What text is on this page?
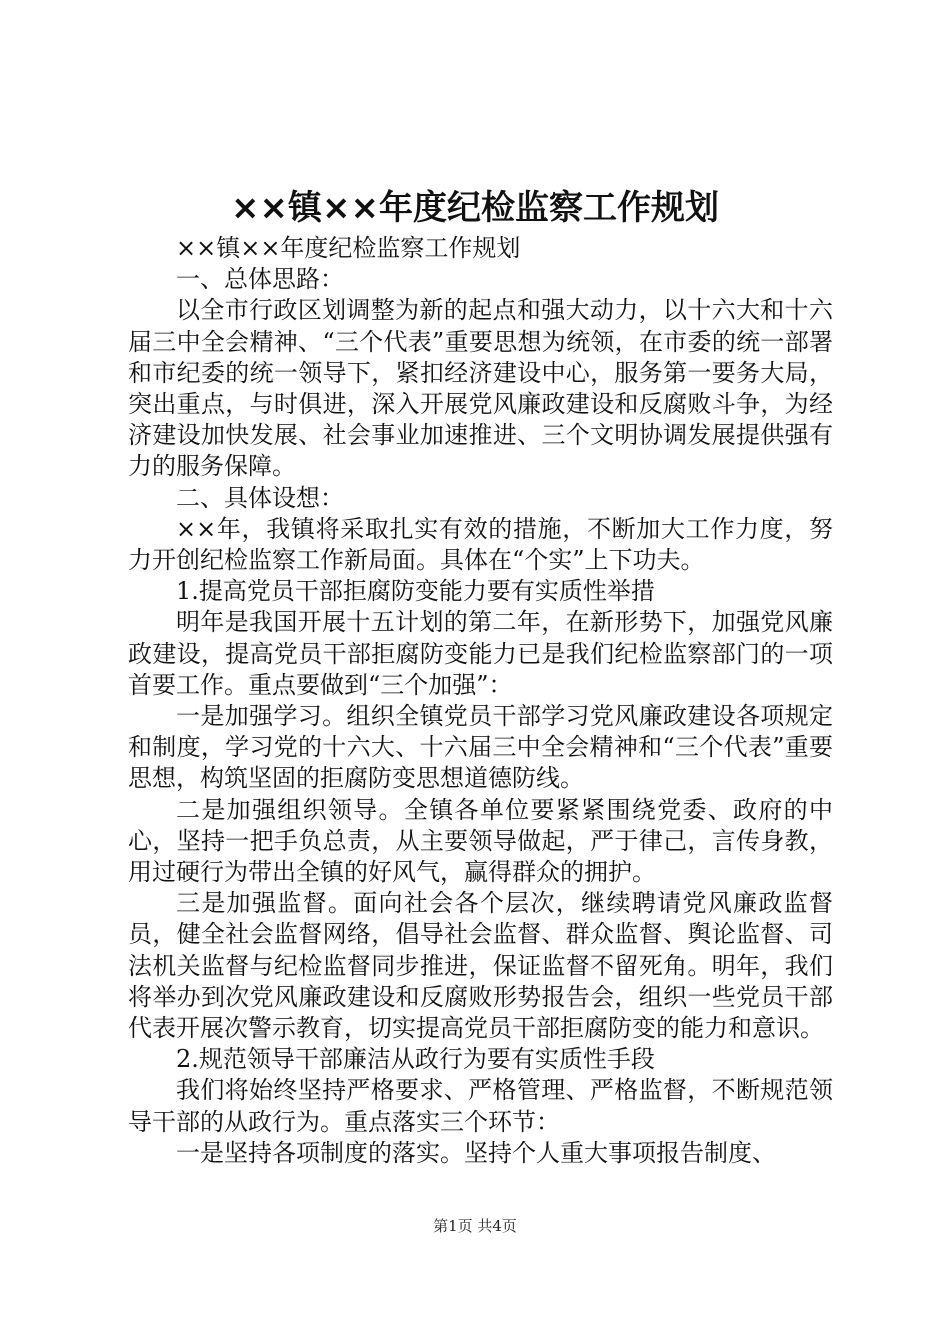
××镇××年度纪检监察工作规划

××镇××年度纪检监察工作规划

一、总体思路：

以全市行政区划调整为新的起点和强大动力，以十六大和十六届三中全会精神、“三个代表”重要思想为统领，在市委的统一部署和市纪委的统一领导下，紧扣经济建设中心，服务第一要务大局，突出重点，与时俱进，深入开展党风廉政建设和反腐败斗争，为经济建设加快发展、社会事业加速推进、三个文明协调发展提供强有力的服务保障。

二、具体设想：

××年，我镇将采取扎实有效的措施，不断加大工作力度，努力开创纪检监察工作新局面。具体在“个实”上下功夫。

1.提高党员干部拒腐防变能力要有实质性举措

明年是我国开展十五计划的第二年，在新形势下，加强党风廉政建设，提高党员干部拒腐防变能力已是我们纪检监察部门的一项首要工作。重点要做到“三个加强”：

一是加强学习。组织全镇党员干部学习党风廉政建设各项规定和制度，学习党的十六大、十六届三中全会精神和“三个代表”重要思想，构筑坚固的拒腐防变思想道德防线。

二是加强组织领导。全镇各单位要紧紧围绕党委、政府的中心，坚持一把手负总责，从主要领导做起，严于律己，言传身教，用过硬行为带出全镇的好风气，赢得群众的拥护。

三是加强监督。面向社会各个层次，继续聘请党风廉政监督员，健全社会监督网络，倡导社会监督、群众监督、舆论监督、司法机关监督与纪检监督同步推进，保证监督不留死角。明年，我们将举办到次党风廉政建设和反腐败形势报告会，组织一些党员干部代表开展次警示教育，切实提高党员干部拒腐防变的能力和意识。

2.规范领导干部廉洁从政行为要有实质性手段

我们将始终坚持严格要求、严格管理、严格监督，不断规范领导干部的从政行为。重点落实三个环节：

一是坚持各项制度的落实。坚持个人重大事项报告制度、

第1页 共4页
